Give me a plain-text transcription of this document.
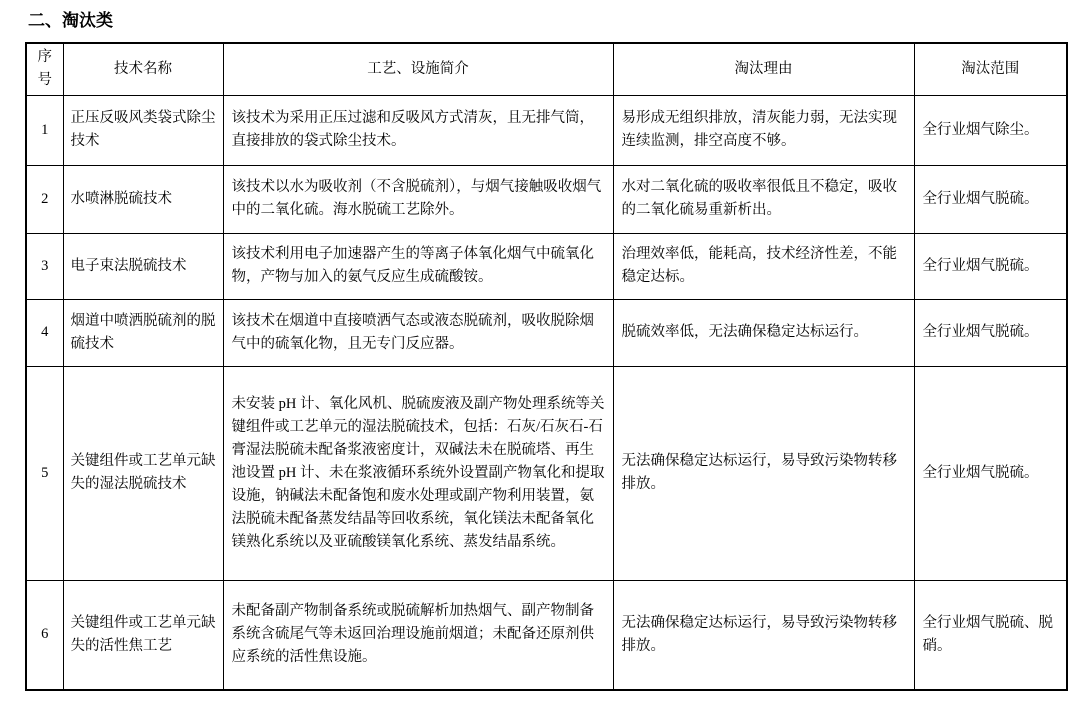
二、淘汰类
序号	技术名称	工艺、设施简介	淘汰理由	淘汰范围
1	正压反吸风类袋式除尘技术	该技术为采用正压过滤和反吸风方式清灰，且无排气筒，直接排放的袋式除尘技术。	易形成无组织排放，清灰能力弱，无法实现连续监测，排空高度不够。	全行业烟气除尘。
2	水喷淋脱硫技术	该技术以水为吸收剂（不含脱硫剂），与烟气接触吸收烟气中的二氧化硫。海水脱硫工艺除外。	水对二氧化硫的吸收率很低且不稳定，吸收的二氧化硫易重新析出。	全行业烟气脱硫。
3	电子束法脱硫技术	该技术利用电子加速器产生的等离子体氧化烟气中硫氧化物，产物与加入的氨气反应生成硫酸铵。	治理效率低，能耗高，技术经济性差，不能稳定达标。	全行业烟气脱硫。
4	烟道中喷洒脱硫剂的脱硫技术	该技术在烟道中直接喷洒气态或液态脱硫剂，吸收脱除烟气中的硫氧化物，且无专门反应器。	脱硫效率低，无法确保稳定达标运行。	全行业烟气脱硫。
5	关键组件或工艺单元缺失的湿法脱硫技术	未安装 pH 计、氧化风机、脱硫废液及副产物处理系统等关键组件或工艺单元的湿法脱硫技术，包括：石灰/石灰石-石膏湿法脱硫未配备浆液密度计，双碱法未在脱硫塔、再生池设置 pH 计、未在浆液循环系统外设置副产物氧化和提取设施，钠碱法未配备饱和废水处理或副产物利用装置，氨法脱硫未配备蒸发结晶等回收系统，氧化镁法未配备氧化镁熟化系统以及亚硫酸镁氧化系统、蒸发结晶系统。	无法确保稳定达标运行，易导致污染物转移排放。	全行业烟气脱硫。
6	关键组件或工艺单元缺失的活性焦工艺	未配备副产物制备系统或脱硫解析加热烟气、副产物制备系统含硫尾气等未返回治理设施前烟道；未配备还原剂供应系统的活性焦设施。	无法确保稳定达标运行，易导致污染物转移排放。	全行业烟气脱硫、脱硝。
